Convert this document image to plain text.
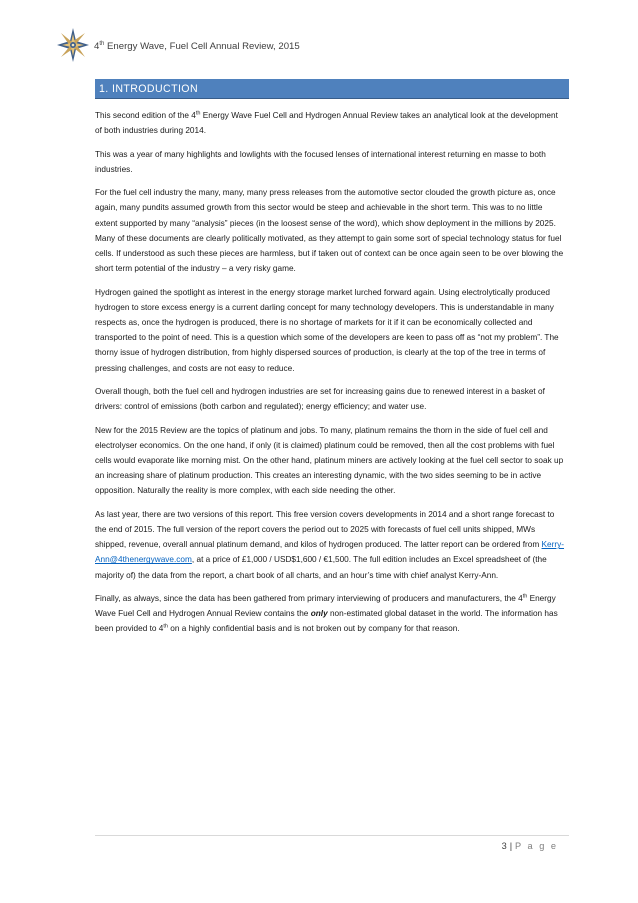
4th Energy Wave, Fuel Cell Annual Review, 2015
1. INTRODUCTION

This second edition of the 4th Energy Wave Fuel Cell and Hydrogen Annual Review takes an analytical look at the development of both industries during 2014.

This was a year of many highlights and lowlights with the focused lenses of international interest returning en masse to both industries.

For the fuel cell industry the many, many, many press releases from the automotive sector clouded the growth picture as, once again, many pundits assumed growth from this sector would be steep and achievable in the short term. This was to no little extent supported by many “analysis” pieces (in the loosest sense of the word), which show deployment in the millions by 2025. Many of these documents are clearly politically motivated, as they attempt to gain some sort of special technology status for fuel cells. If understood as such these pieces are harmless, but if taken out of context can be once again seen to be over blowing the short term potential of the industry – a very risky game.

Hydrogen gained the spotlight as interest in the energy storage market lurched forward again. Using electrolytically produced hydrogen to store excess energy is a current darling concept for many technology developers. This is understandable in many respects as, once the hydrogen is produced, there is no shortage of markets for it if it can be economically collected and transported to the point of need. This is a question which some of the developers are keen to pass off as “not my problem”. The thorny issue of hydrogen distribution, from highly dispersed sources of production, is clearly at the top of the tree in terms of pressing challenges, and costs are not easy to reduce.

Overall though, both the fuel cell and hydrogen industries are set for increasing gains due to renewed interest in a basket of drivers: control of emissions (both carbon and regulated); energy efficiency; and water use.

New for the 2015 Review are the topics of platinum and jobs. To many, platinum remains the thorn in the side of fuel cell and electrolyser economics. On the one hand, if only (it is claimed) platinum could be removed, then all the cost problems with fuel cells would evaporate like morning mist. On the other hand, platinum miners are actively looking at the fuel cell sector to soak up an increasing share of platinum production. This creates an interesting dynamic, with the two sides seeming to be in active opposition. Naturally the reality is more complex, with each side needing the other.

As last year, there are two versions of this report. This free version covers developments in 2014 and a short range forecast to the end of 2015. The full version of the report covers the period out to 2025 with forecasts of fuel cell units shipped, MWs shipped, revenue, overall annual platinum demand, and kilos of hydrogen produced. The latter report can be ordered from Kerry-Ann@4thenergywave.com, at a price of £1,000 / USD$1,600 / €1,500. The full edition includes an Excel spreadsheet of (the majority of) the data from the report, a chart book of all charts, and an hour’s time with chief analyst Kerry-Ann.

Finally, as always, since the data has been gathered from primary interviewing of producers and manufacturers, the 4th Energy Wave Fuel Cell and Hydrogen Annual Review contains the only non-estimated global dataset in the world. The information has been provided to 4th on a highly confidential basis and is not broken out by company for that reason.

3 | P a g e
